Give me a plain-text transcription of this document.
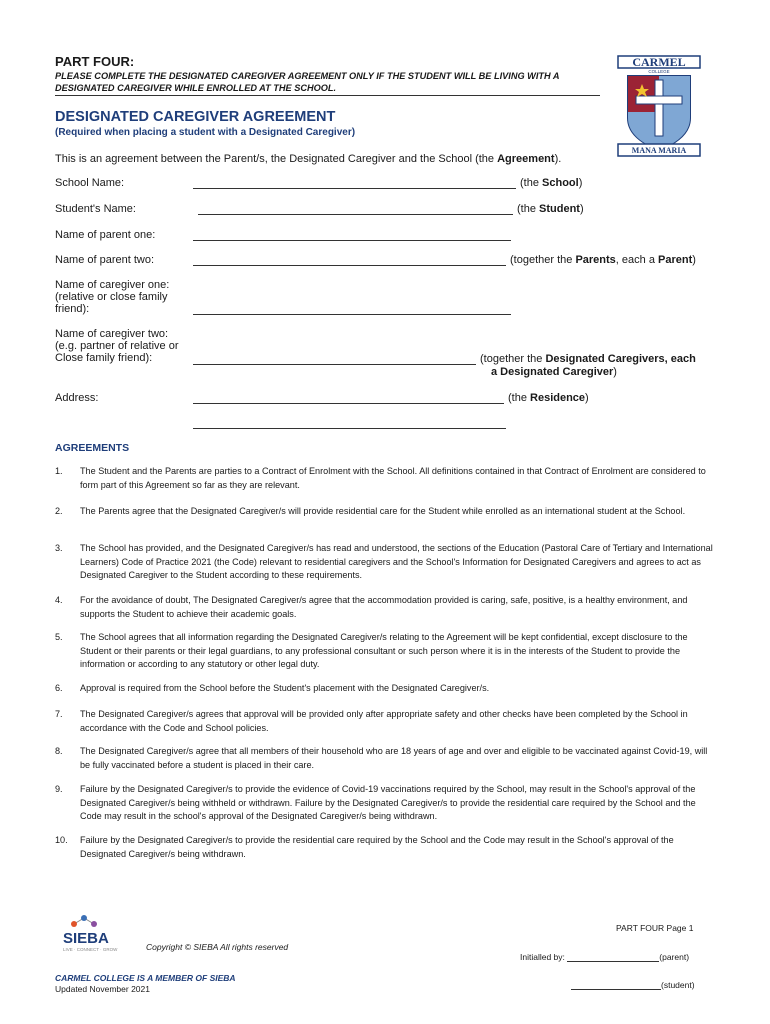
PART FOUR:
PLEASE COMPLETE THE DESIGNATED CAREGIVER AGREEMENT ONLY IF THE STUDENT WILL BE LIVING WITH A DESIGNATED CAREGIVER WHILE ENROLLED AT THE SCHOOL.
CARMEL
COLLEGE
MANA MARIA
DESIGNATED CAREGIVER AGREEMENT
(Required when placing a student with a Designated Caregiver)
This is an agreement between the Parent/s, the Designated Caregiver and the School (the Agreement).
School Name:	(the School)
Student's Name:	(the Student)
Name of parent one:
Name of parent two:	(together the Parents, each a Parent)
Name of caregiver one:
(relative or close family
friend):
Name of caregiver two:
(e.g. partner of relative or
Close family friend):	(together the Designated Caregivers, each
a Designated Caregiver)
Address:	(the Residence)
AGREEMENTS
1.	The Student and the Parents are parties to a Contract of Enrolment with the School. All definitions contained in that Contract of Enrolment are considered to form part of this Agreement so far as they are relevant.
2.	The Parents agree that the Designated Caregiver/s will provide residential care for the Student while enrolled as an international student at the School.
3.	The School has provided, and the Designated Caregiver/s has read and understood, the sections of the Education (Pastoral Care of Tertiary and International Learners) Code of Practice 2021 (the Code) relevant to residential caregivers and the School's Information for Designated Caregivers and agrees to act as Designated Caregiver to the Student according to these requirements.
4.	For the avoidance of doubt, The Designated Caregiver/s agree that the accommodation provided is caring, safe, positive, is a healthy environment, and supports the Student to achieve their academic goals.
5.	The School agrees that all information regarding the Designated Caregiver/s relating to the Agreement will be kept confidential, except disclosure to the Student or their parents or their legal guardians, to any professional consultant or such person where it is in the interests of the Student to provide the information or according to any statutory or other legal duty.
6.	Approval is required from the School before the Student's placement with the Designated Caregiver/s.
7.	The Designated Caregiver/s agrees that approval will be provided only after appropriate safety and other checks have been completed by the School in accordance with the Code and School policies.
8.	The Designated Caregiver/s agree that all members of their household who are 18 years of age and over and eligible to be vaccinated against Covid-19, will be fully vaccinated before a student is placed in their care.
9.	Failure by the Designated Caregiver/s to provide the evidence of Covid-19 vaccinations required by the School, may result in the School's approval of the Designated Caregiver/s being withheld or withdrawn. Failure by the Designated Caregiver/s to provide the residential care required by the School and the Code may result in the school's approval of the Designated Caregiver/s being withdrawn.
10.	Failure by the Designated Caregiver/s to provide the residential care required by the School and the Code may result in the School's approval of the Designated Caregiver/s being withdrawn.
PART FOUR Page 1
SIEBA
LIVE · CONNECT · GROW	Copyright © SIEBA All rights reserved
Initialled by:	(parent)
CARMEL COLLEGE IS A MEMBER OF SIEBA
Updated November 2021	(student)
